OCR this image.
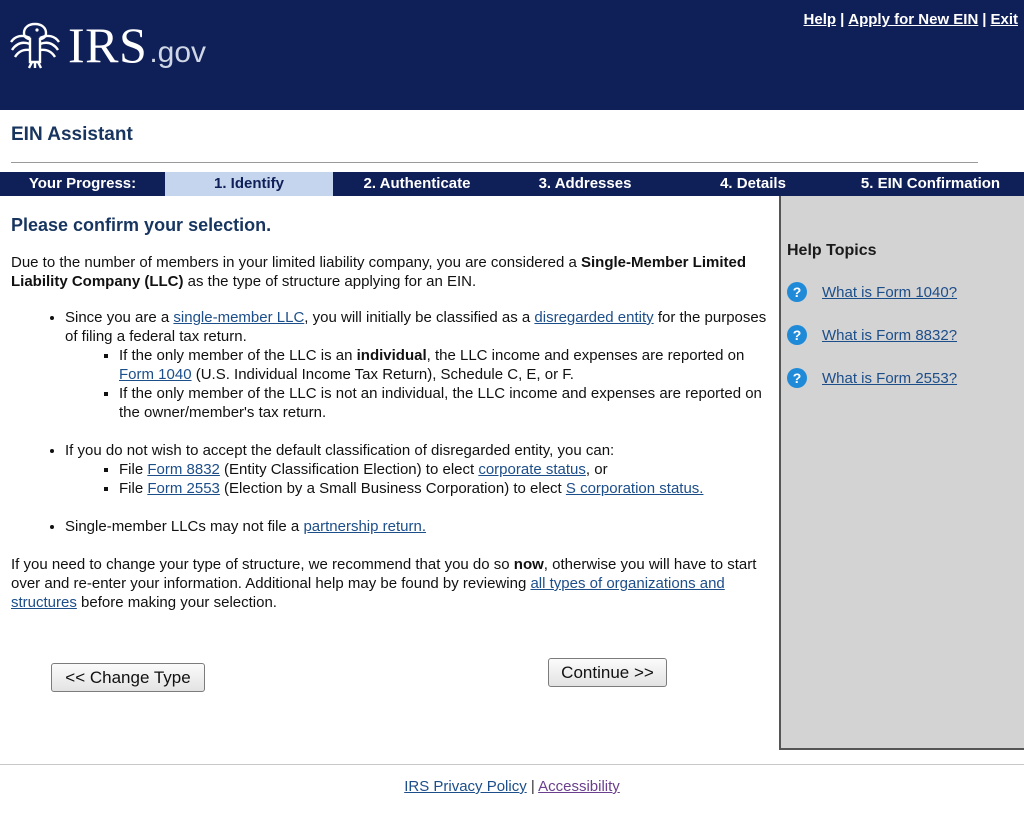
IRS .gov
Help | Apply for New EIN | Exit
EIN Assistant
Your Progress:	1. Identify	2. Authenticate	3. Addresses	4. Details	5. EIN Confirmation
Please confirm your selection.

Due to the number of members in your limited liability company, you are considered a Single-Member Limited Liability Company (LLC) as the type of structure applying for an EIN.

• Since you are a single-member LLC, you will initially be classified as a disregarded entity for the purposes of filing a federal tax return.
▪ If the only member of the LLC is an individual, the LLC income and expenses are reported on Form 1040 (U.S. Individual Income Tax Return), Schedule C, E, or F.
▪ If the only member of the LLC is not an individual, the LLC income and expenses are reported on the owner/member's tax return.
• If you do not wish to accept the default classification of disregarded entity, you can:
▪ File Form 8832 (Entity Classification Election) to elect corporate status, or
▪ File Form 2553 (Election by a Small Business Corporation) to elect S corporation status.
• Single-member LLCs may not file a partnership return.

If you need to change your type of structure, we recommend that you do so now, otherwise you will have to start over and re-enter your information. Additional help may be found by reviewing all types of organizations and structures before making your selection.

<< Change Type	Continue >>
Help Topics
?	What is Form 1040?
?	What is Form 8832?
?	What is Form 2553?
IRS Privacy Policy | Accessibility
